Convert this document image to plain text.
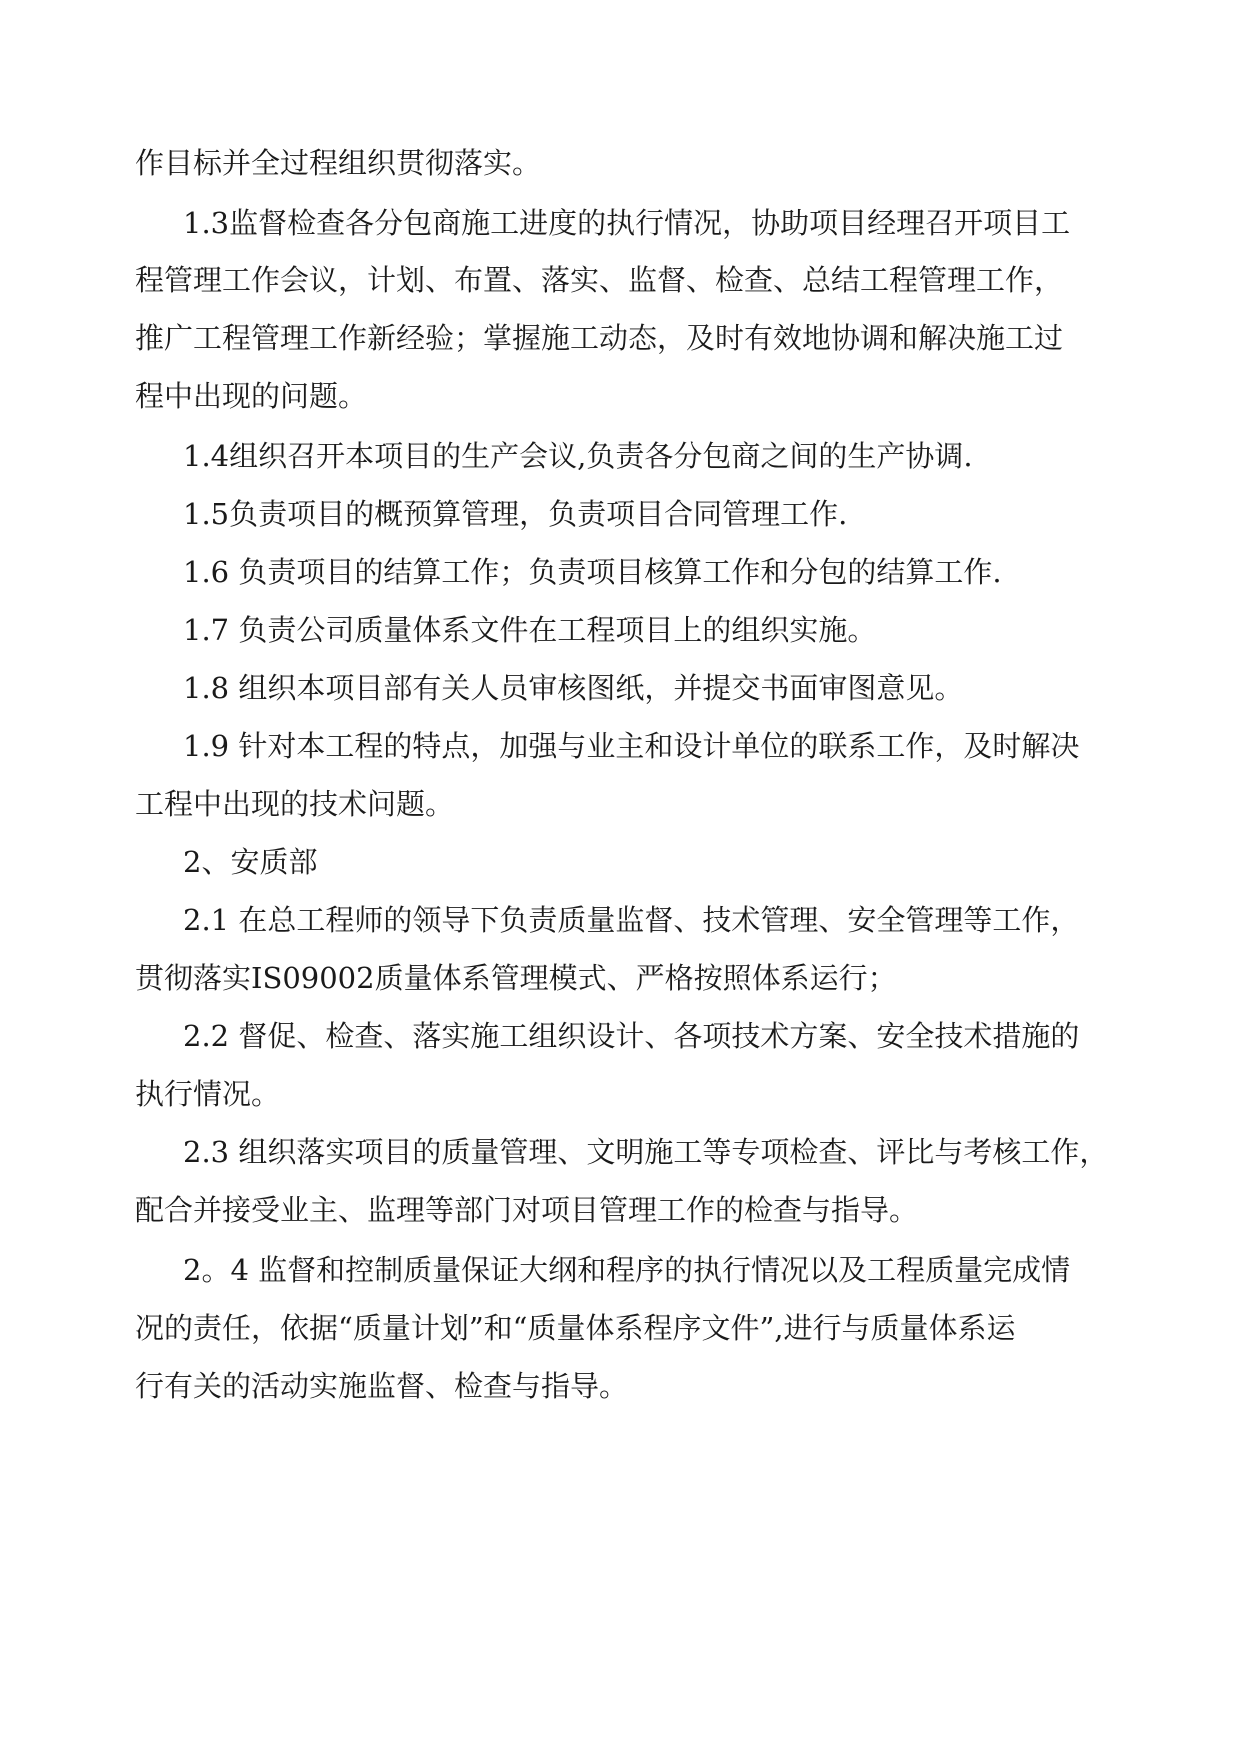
作目标并全过程组织贯彻落实。

1.3监督检查各分包商施工进度的执行情况，协助项目经理召开项目工

程管理工作会议，计划、布置、落实、监督、检查、总结工程管理工作，

推广工程管理工作新经验；掌握施工动态，及时有效地协调和解决施工过

程中出现的问题。

1.4组织召开本项目的生产会议,负责各分包商之间的生产协调.

1.5负责项目的概预算管理，负责项目合同管理工作.

1.6 负责项目的结算工作；负责项目核算工作和分包的结算工作.

1.7 负责公司质量体系文件在工程项目上的组织实施。

1.8 组织本项目部有关人员审核图纸，并提交书面审图意见。

1.9 针对本工程的特点，加强与业主和设计单位的联系工作，及时解决

工程中出现的技术问题。

2、安质部

2.1 在总工程师的领导下负责质量监督、技术管理、安全管理等工作，

贯彻落实IS09002质量体系管理模式、严格按照体系运行；

2.2 督促、检查、落实施工组织设计、各项技术方案、安全技术措施的

执行情况。

2.3 组织落实项目的质量管理、文明施工等专项检查、评比与考核工作，

配合并接受业主、监理等部门对项目管理工作的检查与指导。

2。4 监督和控制质量保证大纲和程序的执行情况以及工程质量完成情

况的责任，依据“质量计划”和“质量体系程序文件”,进行与质量体系运

行有关的活动实施监督、检查与指导。
